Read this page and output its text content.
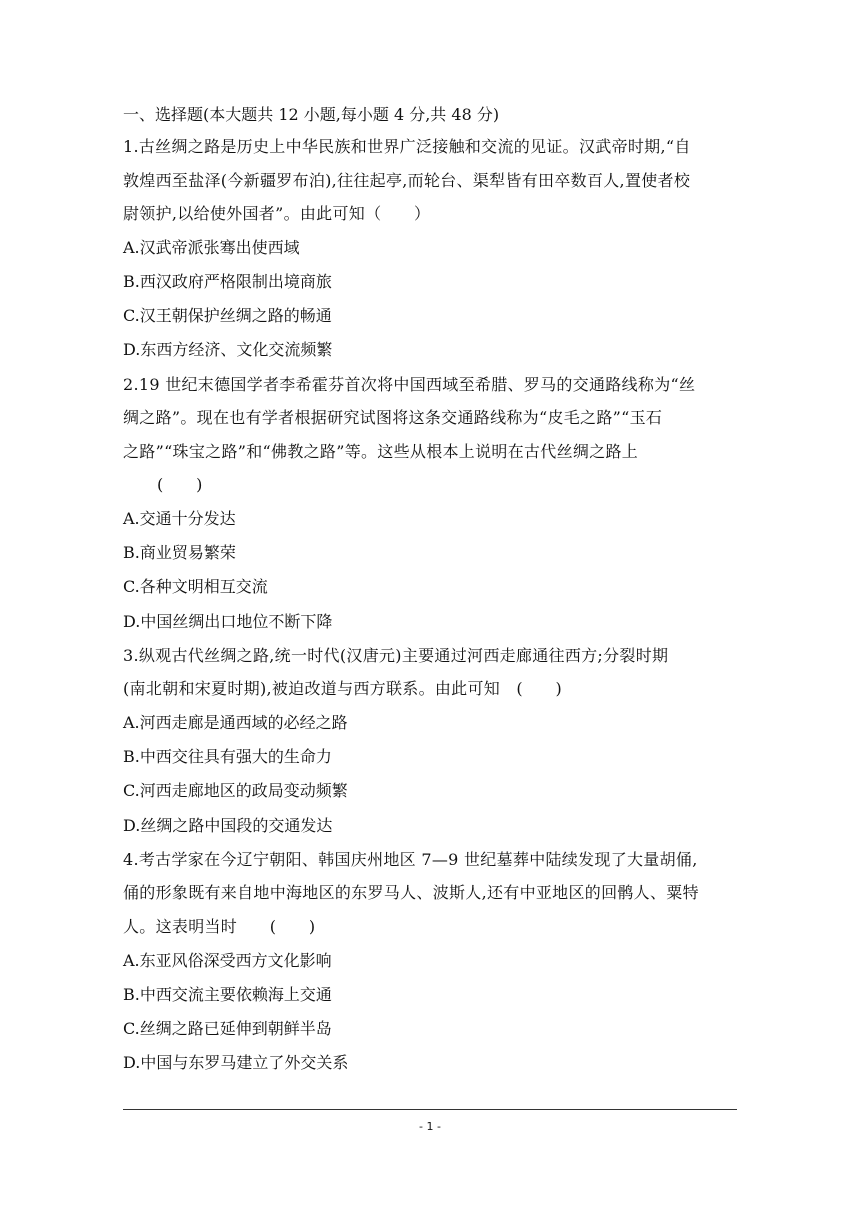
一、选择题(本大题共 12 小题,每小题 4 分,共 48 分)
1.古丝绸之路是历史上中华民族和世界广泛接触和交流的见证。汉武帝时期,“自
敦煌西至盐泽(今新疆罗布泊),往往起亭,而轮台、渠犁皆有田卒数百人,置使者校
尉领护,以给使外国者”。由此可知（　　）
A.汉武帝派张骞出使西域
B.西汉政府严格限制出境商旅
C.汉王朝保护丝绸之路的畅通
D.东西方经济、文化交流频繁
2.19 世纪末德国学者李希霍芬首次将中国西域至希腊、罗马的交通路线称为“丝
绸之路”。现在也有学者根据研究试图将这条交通路线称为“皮毛之路”“玉石
之路”“珠宝之路”和“佛教之路”等。这些从根本上说明在古代丝绸之路上
(　　)
A.交通十分发达
B.商业贸易繁荣
C.各种文明相互交流
D.中国丝绸出口地位不断下降
3.纵观古代丝绸之路,统一时代(汉唐元)主要通过河西走廊通往西方;分裂时期
(南北朝和宋夏时期),被迫改道与西方联系。由此可知　(　　)
A.河西走廊是通西域的必经之路
B.中西交往具有强大的生命力
C.河西走廊地区的政局变动频繁
D.丝绸之路中国段的交通发达
4.考古学家在今辽宁朝阳、韩国庆州地区 7—9 世纪墓葬中陆续发现了大量胡俑,
俑的形象既有来自地中海地区的东罗马人、波斯人,还有中亚地区的回鹘人、粟特
人。这表明当时　　(　　)
A.东亚风俗深受西方文化影响
B.中西交流主要依赖海上交通
C.丝绸之路已延伸到朝鲜半岛
D.中国与东罗马建立了外交关系
- 1 -
